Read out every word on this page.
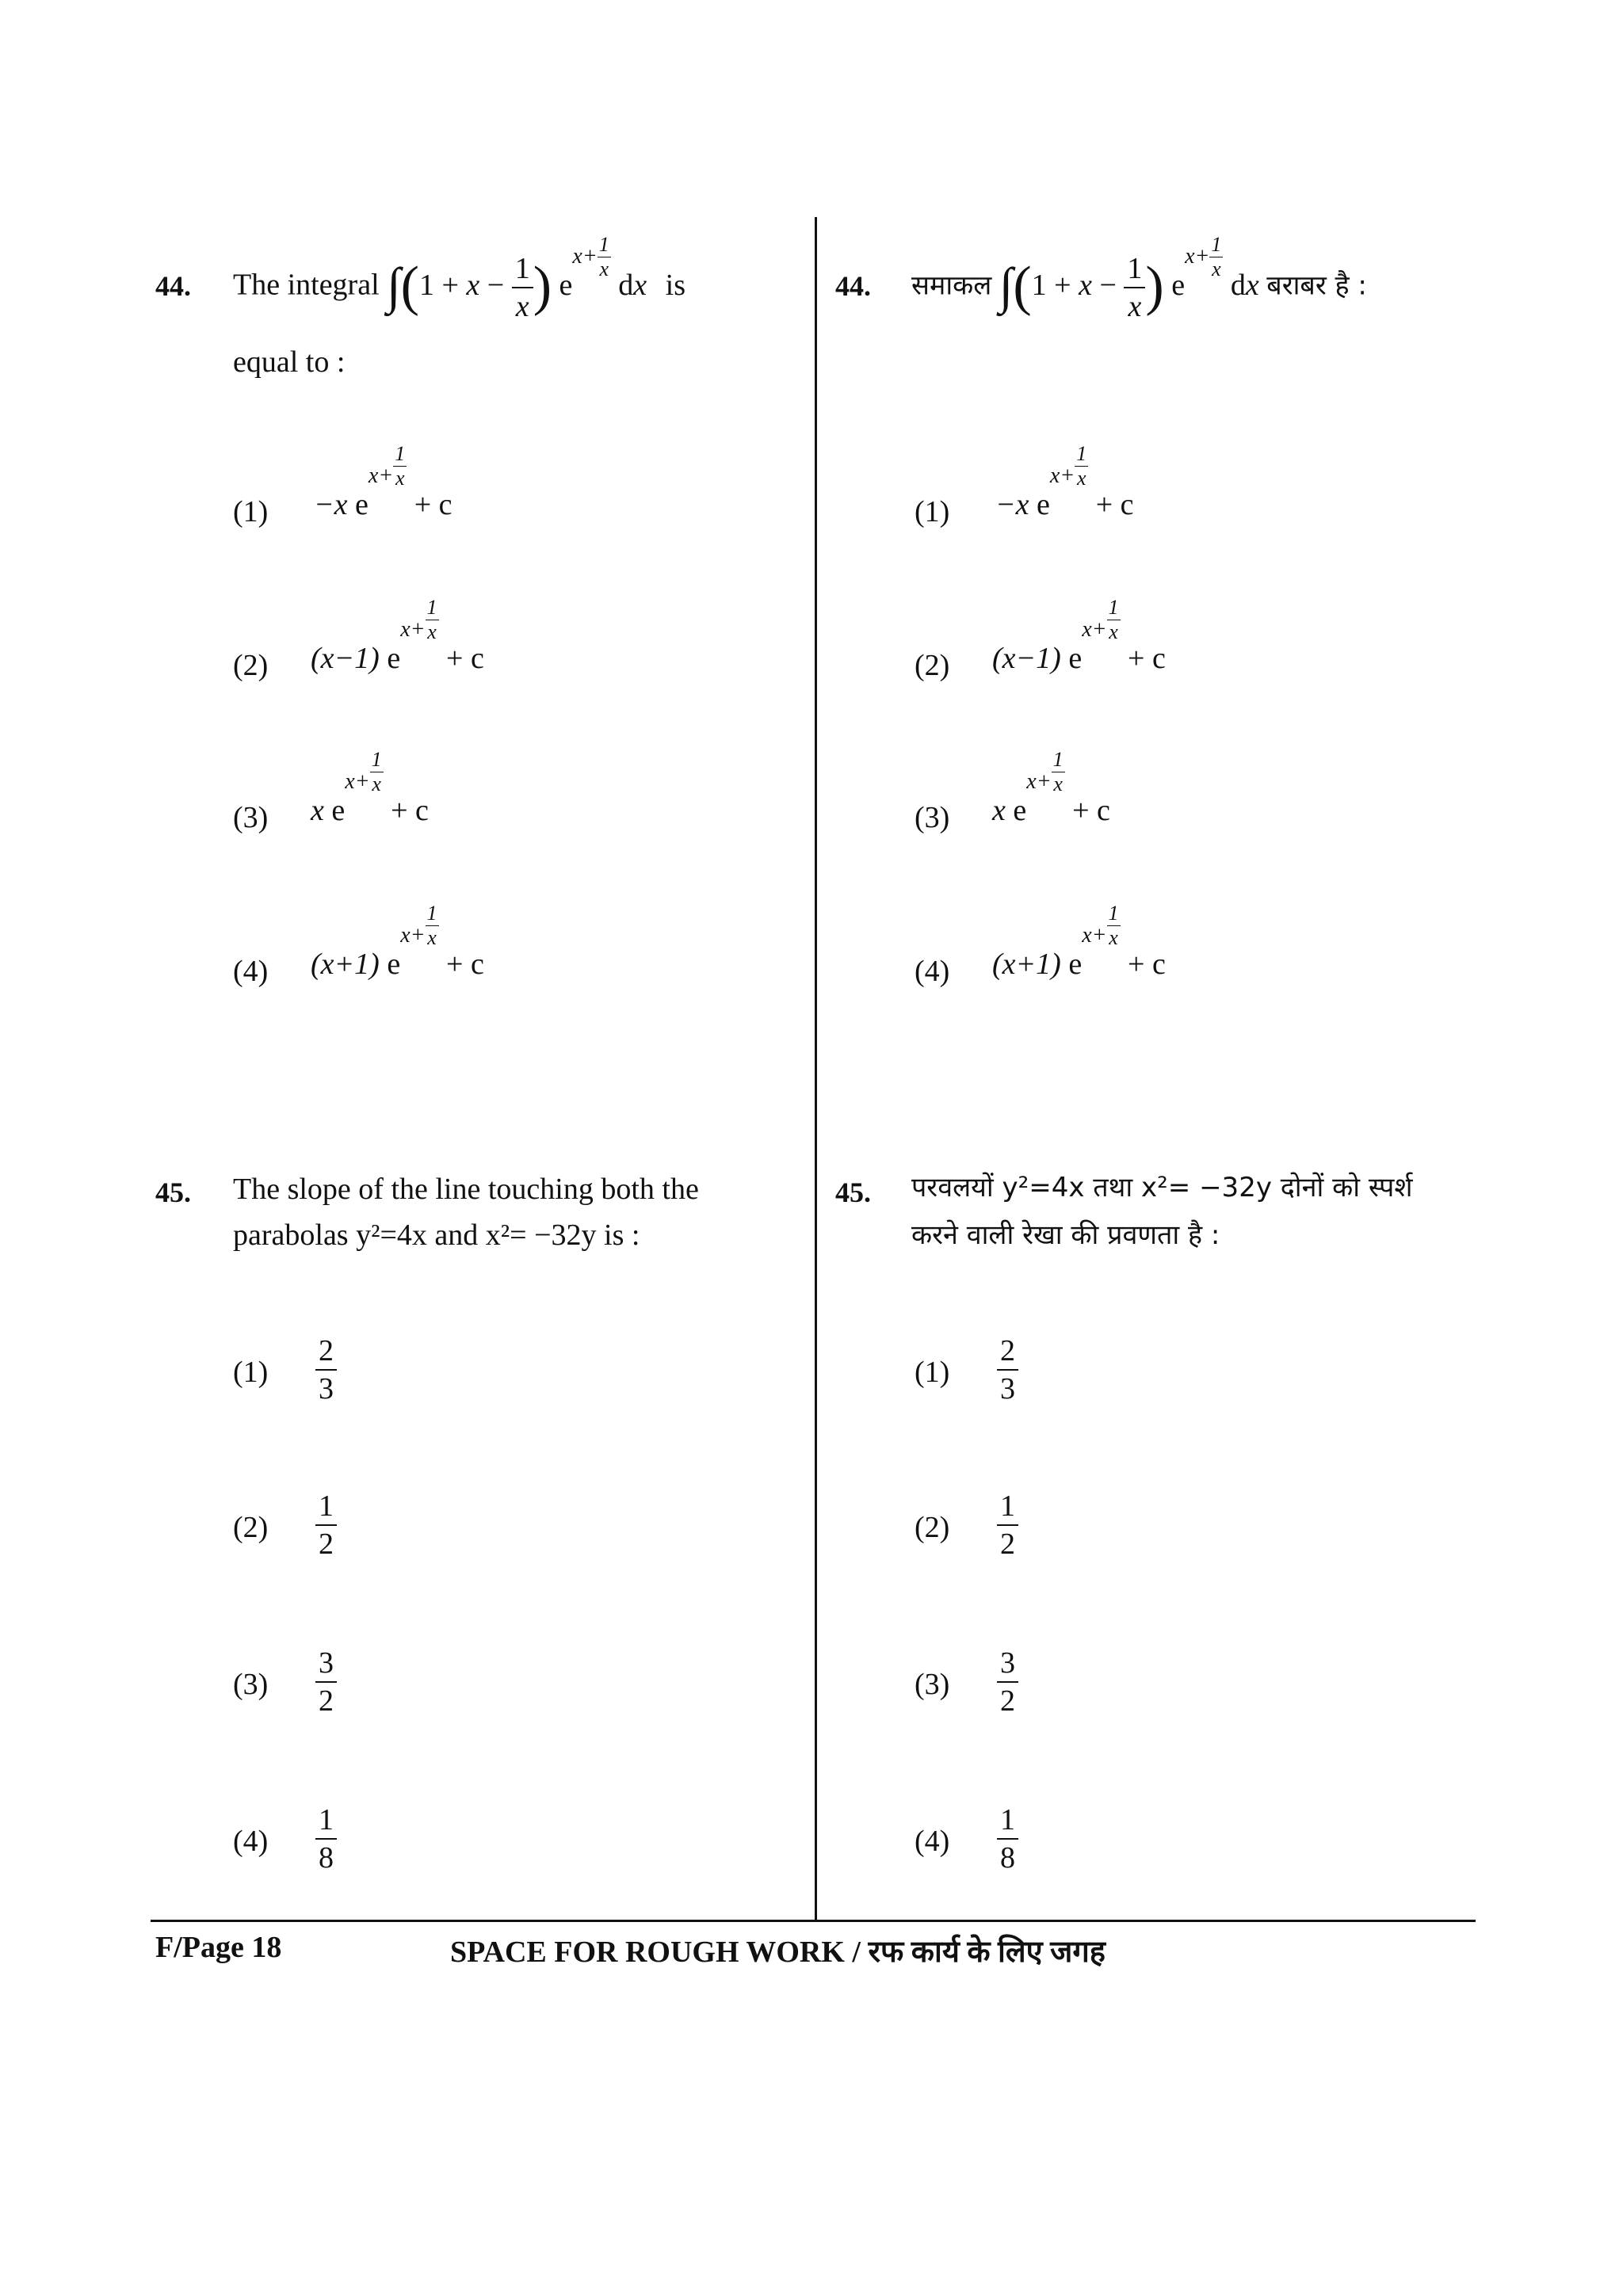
44. The integral $\int(1 + x - \frac{1}{x}$ ) $ex+ \frac{1}{x}$
dx is
equal to :
(1) −x $ex+ \frac{1}{x}$
+ c
(2) (x−1) $ex+ \frac{1}{x}$
+ c
(3) x $ex+ \frac{1}{x}$
+ c
(4) (x+1) $ex+ \frac{1}{x}$
+ c
44. समाकल $\int(1 + x - \frac{1}{x}$ ) $ex+ \frac{1}{x}$
dx बराबर है :
(1) −x $ex+ \frac{1}{x}$
+ c
(2) (x−1) $ex+ \frac{1}{x}$
+ c
(3) x $ex+ \frac{1}{x}$
+ c
(4) (x+1) $ex+ \frac{1}{x}$
+ c
45. The slope of the line touching both the
parabolas y²=4x and x²= −32y is :
$(1) \frac{2}{3}$
$(2) \frac{1}{2}$
$(3) \frac{3}{2}$
$(4) \frac{1}{8}$
45. परवलयों y²=4x तथा x²= −32y दोनों को स्पर्श
करने वाली रेखा की प्रवणता है :
$(1) \frac{2}{3}$
$(2) \frac{1}{2}$
$(3) \frac{3}{2}$
$(4) \frac{1}{8}$
F/Page 18	SPACE FOR ROUGH WORK / रफ कार्य के लिए जगह
